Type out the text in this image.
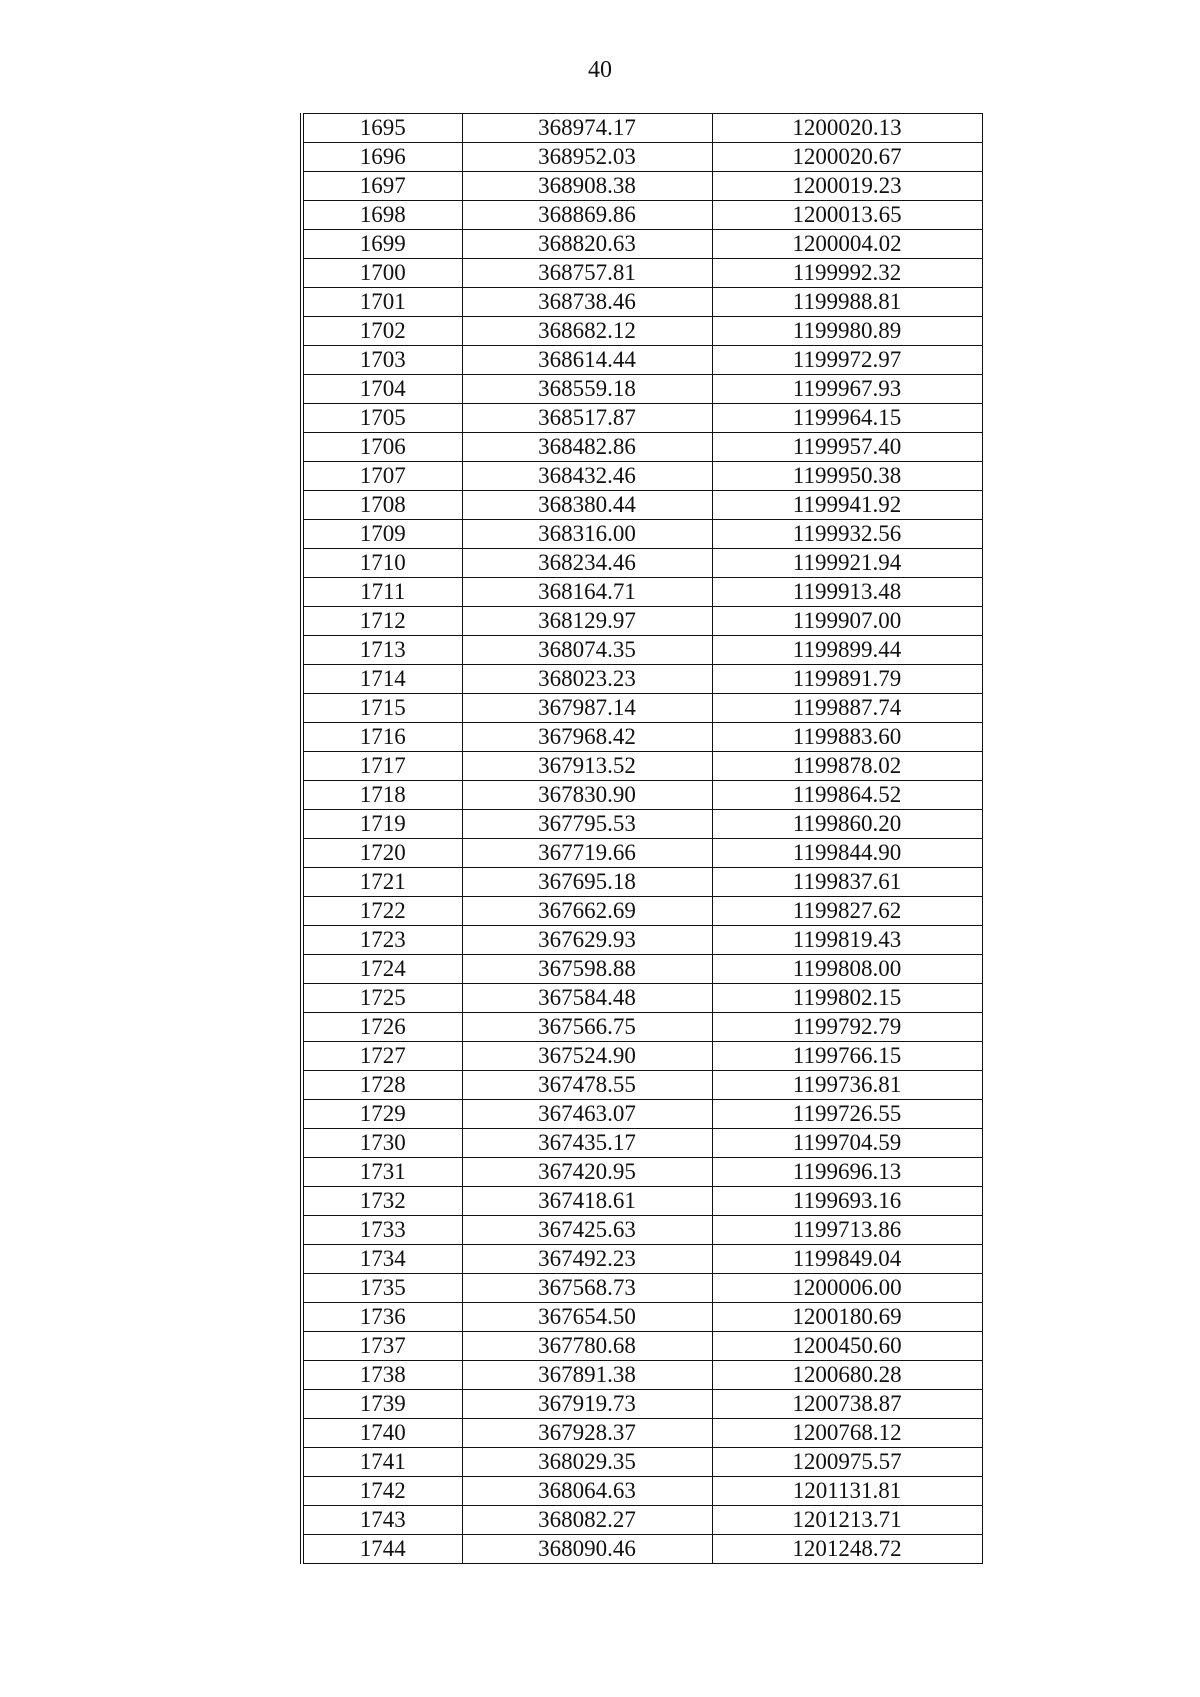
40
1695	368974.17	1200020.13
1696	368952.03	1200020.67
1697	368908.38	1200019.23
1698	368869.86	1200013.65
1699	368820.63	1200004.02
1700	368757.81	1199992.32
1701	368738.46	1199988.81
1702	368682.12	1199980.89
1703	368614.44	1199972.97
1704	368559.18	1199967.93
1705	368517.87	1199964.15
1706	368482.86	1199957.40
1707	368432.46	1199950.38
1708	368380.44	1199941.92
1709	368316.00	1199932.56
1710	368234.46	1199921.94
1711	368164.71	1199913.48
1712	368129.97	1199907.00
1713	368074.35	1199899.44
1714	368023.23	1199891.79
1715	367987.14	1199887.74
1716	367968.42	1199883.60
1717	367913.52	1199878.02
1718	367830.90	1199864.52
1719	367795.53	1199860.20
1720	367719.66	1199844.90
1721	367695.18	1199837.61
1722	367662.69	1199827.62
1723	367629.93	1199819.43
1724	367598.88	1199808.00
1725	367584.48	1199802.15
1726	367566.75	1199792.79
1727	367524.90	1199766.15
1728	367478.55	1199736.81
1729	367463.07	1199726.55
1730	367435.17	1199704.59
1731	367420.95	1199696.13
1732	367418.61	1199693.16
1733	367425.63	1199713.86
1734	367492.23	1199849.04
1735	367568.73	1200006.00
1736	367654.50	1200180.69
1737	367780.68	1200450.60
1738	367891.38	1200680.28
1739	367919.73	1200738.87
1740	367928.37	1200768.12
1741	368029.35	1200975.57
1742	368064.63	1201131.81
1743	368082.27	1201213.71
1744	368090.46	1201248.72
